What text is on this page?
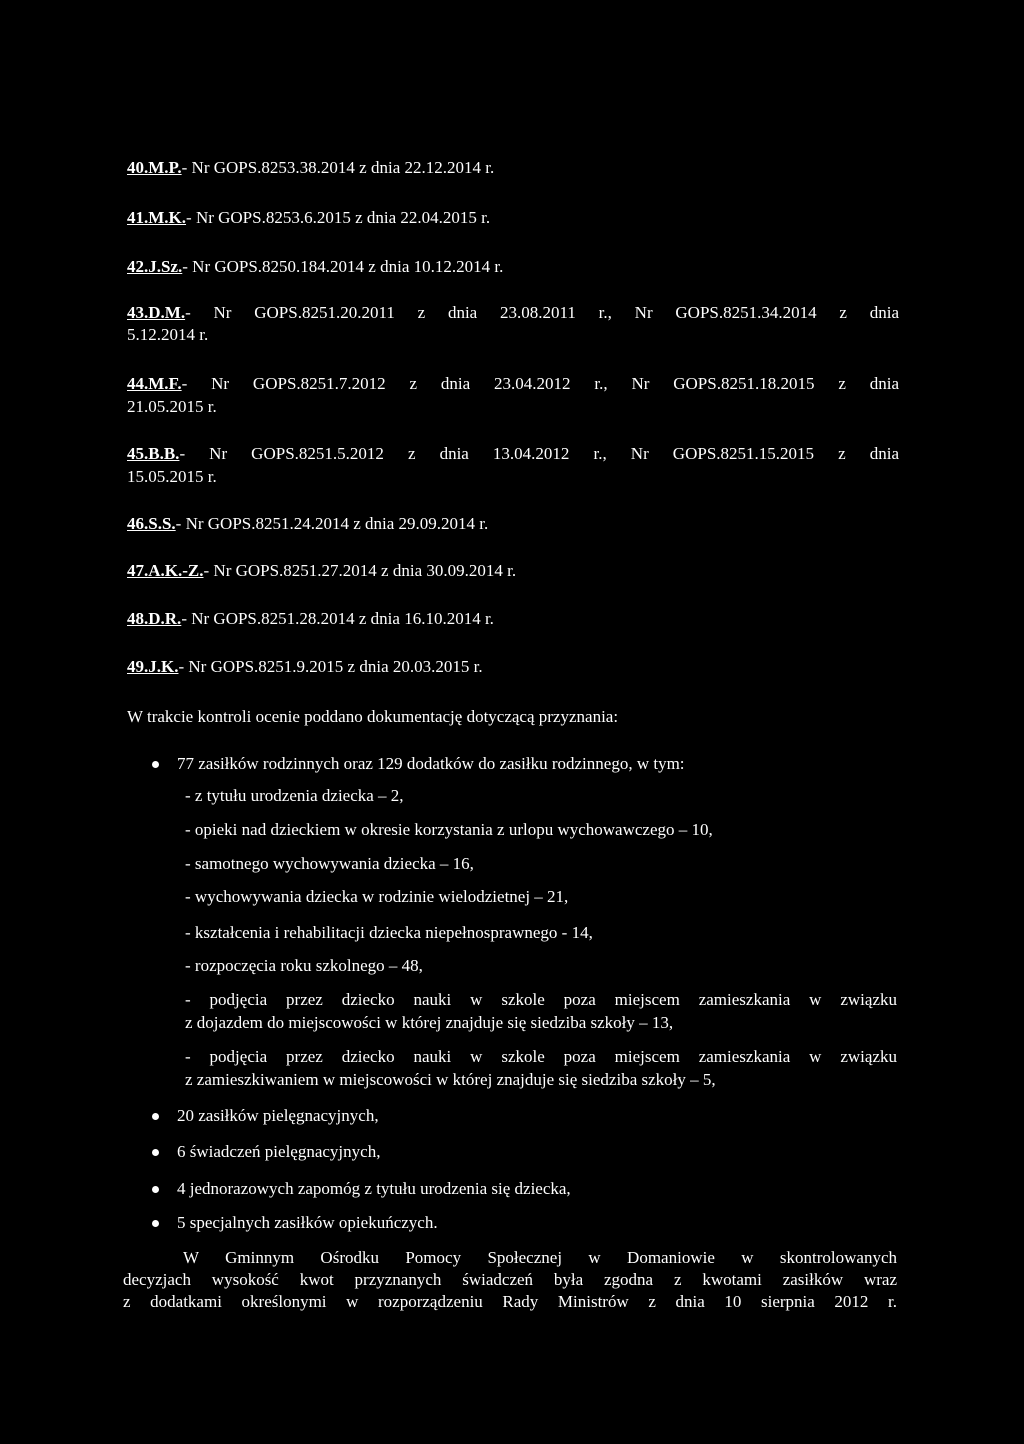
40.M.P.- Nr GOPS.8253.38.2014 z dnia 22.12.2014 r.
41.M.K.- Nr GOPS.8253.6.2015 z dnia 22.04.2015 r.
42.J.Sz.- Nr GOPS.8250.184.2014 z dnia 10.12.2014 r.
43.D.M.- Nr GOPS.8251.20.2011 z dnia 23.08.2011 r., Nr GOPS.8251.34.2014 z dnia
5.12.2014 r.
44.M.F.- Nr GOPS.8251.7.2012 z dnia 23.04.2012 r., Nr GOPS.8251.18.2015 z dnia
21.05.2015 r.
45.B.B.- Nr GOPS.8251.5.2012 z dnia 13.04.2012 r., Nr GOPS.8251.15.2015 z dnia
15.05.2015 r.
46.S.S.- Nr GOPS.8251.24.2014 z dnia 29.09.2014 r.
47.A.K.-Z.- Nr GOPS.8251.27.2014 z dnia 30.09.2014 r.
48.D.R.- Nr GOPS.8251.28.2014 z dnia 16.10.2014 r.
49.J.K.- Nr GOPS.8251.9.2015 z dnia 20.03.2015 r.
W trakcie kontroli ocenie poddano dokumentację dotyczącą przyznania:
77 zasiłków rodzinnych oraz 129 dodatków do zasiłku rodzinnego, w tym:
- z tytułu urodzenia dziecka – 2,
- opieki nad dzieckiem w okresie korzystania z urlopu wychowawczego – 10,
- samotnego wychowywania dziecka – 16,
- wychowywania dziecka w rodzinie wielodzietnej – 21,
- kształcenia i rehabilitacji dziecka niepełnosprawnego - 14,
- rozpoczęcia roku szkolnego – 48,
- podjęcia przez dziecko nauki w szkole poza miejscem zamieszkania w związku
z dojazdem do miejscowości w której znajduje się siedziba szkoły – 13,
- podjęcia przez dziecko nauki w szkole poza miejscem zamieszkania w związku
z zamieszkiwaniem w miejscowości w której znajduje się siedziba szkoły – 5,
20 zasiłków pielęgnacyjnych,
6 świadczeń pielęgnacyjnych,
4 jednorazowych zapomóg z tytułu urodzenia się dziecka,
5 specjalnych zasiłków opiekuńczych.
W Gminnym Ośrodku Pomocy Społecznej w Domaniowie w skontrolowanych
decyzjach wysokość kwot przyznanych świadczeń była zgodna z kwotami zasiłków wraz
z dodatkami określonymi w rozporządzeniu Rady Ministrów z dnia 10 sierpnia 2012 r.
